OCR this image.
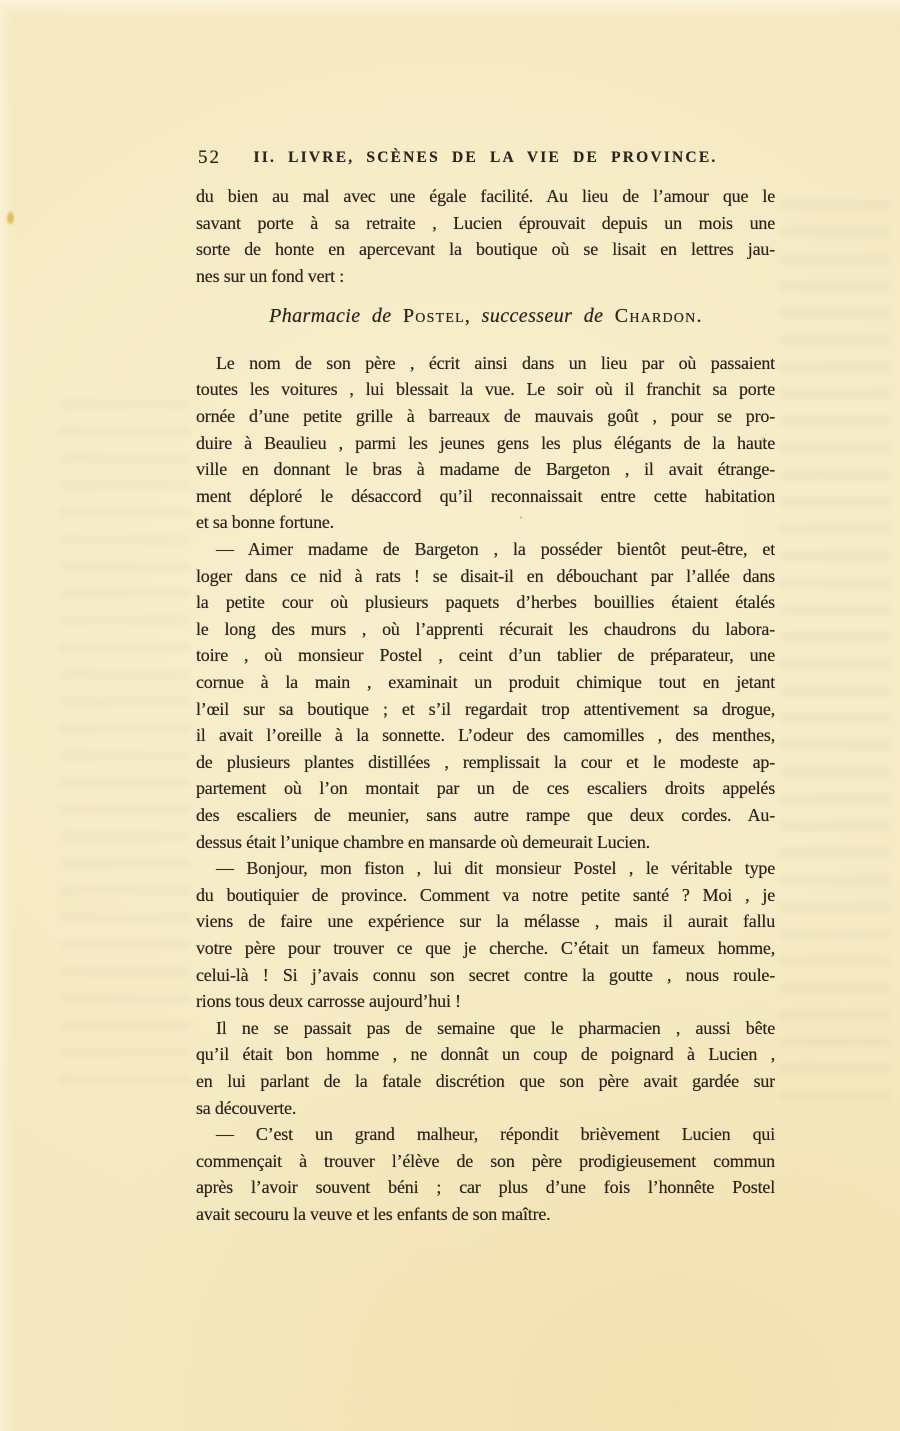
52	II. LIVRE, SCÈNES DE LA VIE DE PROVINCE.
du bien au mal avec une égale facilité. Au lieu de l’amour que le
savant porte à sa retraite , Lucien éprouvait depuis un mois une
sorte de honte en apercevant la boutique où se lisait en lettres jau-
nes sur un fond vert :
Pharmacie de Postel, successeur de Chardon.
Le nom de son père , écrit ainsi dans un lieu par où passaient
toutes les voitures , lui blessait la vue. Le soir où il franchit sa porte
ornée d’une petite grille à barreaux de mauvais goût , pour se pro-
duire à Beaulieu , parmi les jeunes gens les plus élégants de la haute
ville en donnant le bras à madame de Bargeton , il avait étrange-
ment déploré le désaccord qu’il reconnaissait entre cette habitation
et sa bonne fortune.
— Aimer madame de Bargeton , la posséder bientôt peut-être, et
loger dans ce nid à rats ! se disait-il en débouchant par l’allée dans
la petite cour où plusieurs paquets d’herbes bouillies étaient étalés
le long des murs , où l’apprenti récurait les chaudrons du labora-
toire , où monsieur Postel , ceint d’un tablier de préparateur, une
cornue à la main , examinait un produit chimique tout en jetant
l’œil sur sa boutique ; et s’il regardait trop attentivement sa drogue,
il avait l’oreille à la sonnette. L’odeur des camomilles , des menthes,
de plusieurs plantes distillées , remplissait la cour et le modeste ap-
partement où l’on montait par un de ces escaliers droits appelés
des escaliers de meunier, sans autre rampe que deux cordes. Au-
dessus était l’unique chambre en mansarde où demeurait Lucien.
— Bonjour, mon fiston , lui dit monsieur Postel , le véritable type
du boutiquier de province. Comment va notre petite santé ? Moi , je
viens de faire une expérience sur la mélasse , mais il aurait fallu
votre père pour trouver ce que je cherche. C’était un fameux homme,
celui-là ! Si j’avais connu son secret contre la goutte , nous roule-
rions tous deux carrosse aujourd’hui !
Il ne se passait pas de semaine que le pharmacien , aussi bête
qu’il était bon homme , ne donnât un coup de poignard à Lucien ,
en lui parlant de la fatale discrétion que son père avait gardée sur
sa découverte.
— C’est un grand malheur, répondit brièvement Lucien qui
commençait à trouver l’élève de son père prodigieusement commun
après l’avoir souvent béni ; car plus d’une fois l’honnête Postel
avait secouru la veuve et les enfants de son maître.
